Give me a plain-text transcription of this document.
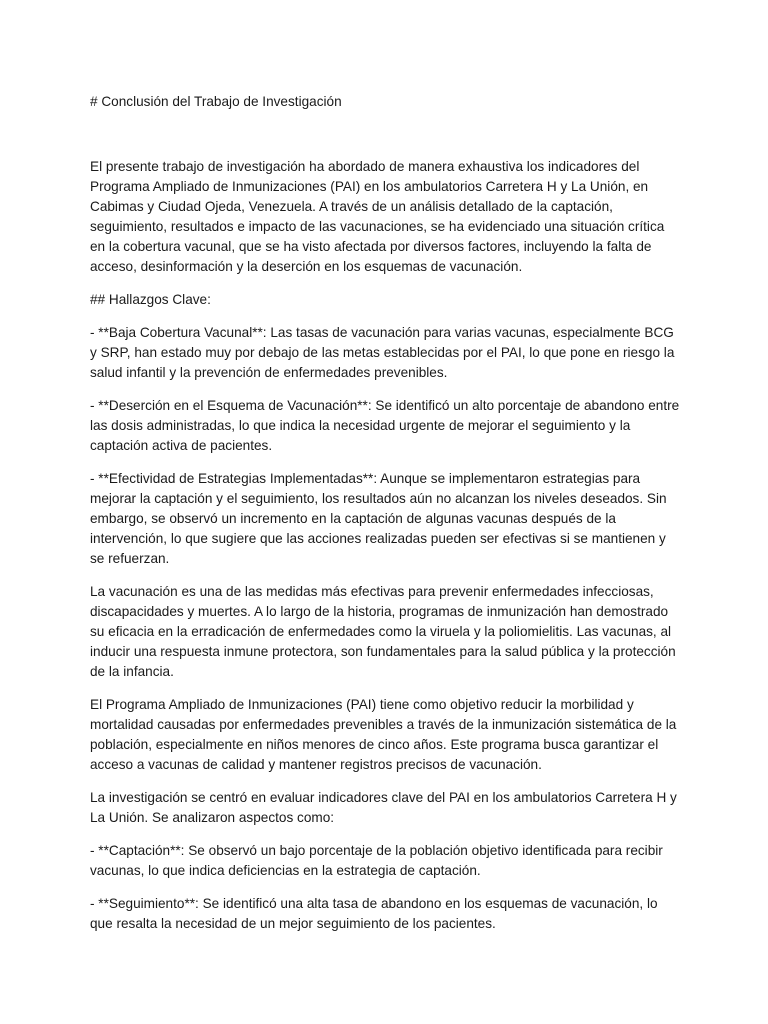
# Conclusión del Trabajo de Investigación

El presente trabajo de investigación ha abordado de manera exhaustiva los indicadores del Programa Ampliado de Inmunizaciones (PAI) en los ambulatorios Carretera H y La Unión, en Cabimas y Ciudad Ojeda, Venezuela. A través de un análisis detallado de la captación, seguimiento, resultados e impacto de las vacunaciones, se ha evidenciado una situación crítica en la cobertura vacunal, que se ha visto afectada por diversos factores, incluyendo la falta de acceso, desinformación y la deserción en los esquemas de vacunación.

## Hallazgos Clave:

- **Baja Cobertura Vacunal**: Las tasas de vacunación para varias vacunas, especialmente BCG y SRP, han estado muy por debajo de las metas establecidas por el PAI, lo que pone en riesgo la salud infantil y la prevención de enfermedades prevenibles.

- **Deserción en el Esquema de Vacunación**: Se identificó un alto porcentaje de abandono entre las dosis administradas, lo que indica la necesidad urgente de mejorar el seguimiento y la captación activa de pacientes.

- **Efectividad de Estrategias Implementadas**: Aunque se implementaron estrategias para mejorar la captación y el seguimiento, los resultados aún no alcanzan los niveles deseados. Sin embargo, se observó un incremento en la captación de algunas vacunas después de la intervención, lo que sugiere que las acciones realizadas pueden ser efectivas si se mantienen y se refuerzan.

La vacunación es una de las medidas más efectivas para prevenir enfermedades infecciosas, discapacidades y muertes. A lo largo de la historia, programas de inmunización han demostrado su eficacia en la erradicación de enfermedades como la viruela y la poliomielitis. Las vacunas, al inducir una respuesta inmune protectora, son fundamentales para la salud pública y la protección de la infancia.

El Programa Ampliado de Inmunizaciones (PAI) tiene como objetivo reducir la morbilidad y mortalidad causadas por enfermedades prevenibles a través de la inmunización sistemática de la población, especialmente en niños menores de cinco años. Este programa busca garantizar el acceso a vacunas de calidad y mantener registros precisos de vacunación.

La investigación se centró en evaluar indicadores clave del PAI en los ambulatorios Carretera H y La Unión. Se analizaron aspectos como:

- **Captación**: Se observó un bajo porcentaje de la población objetivo identificada para recibir vacunas, lo que indica deficiencias en la estrategia de captación.

- **Seguimiento**: Se identificó una alta tasa de abandono en los esquemas de vacunación, lo que resalta la necesidad de un mejor seguimiento de los pacientes.
